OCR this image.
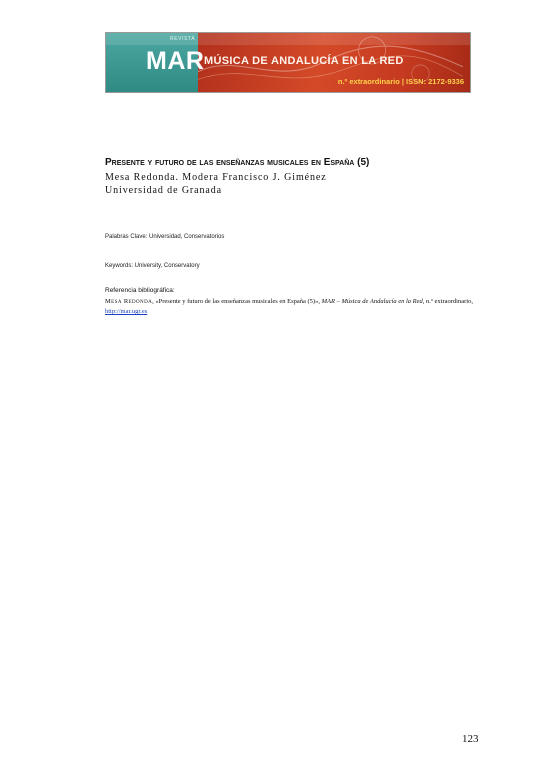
REVISTA
MAR MÚSICA DE ANDALUCÍA EN LA RED
n.º extraordinario | ISSN: 2172-9336
Presente y futuro de las enseñanzas musicales en España (5)
Mesa Redonda. Modera Francisco J. Giménez
Universidad de Granada
Palabras Clave: Universidad, Conservatorios
Keywords: University, Conservatory
Referencia bibliográfica:
Mesa Redonda, «Presente y futuro de las enseñanzas musicales en España (5)», MAR – Música de Andalucía en la Red, n.º extraordinario, http://mar.ugr.es
123
